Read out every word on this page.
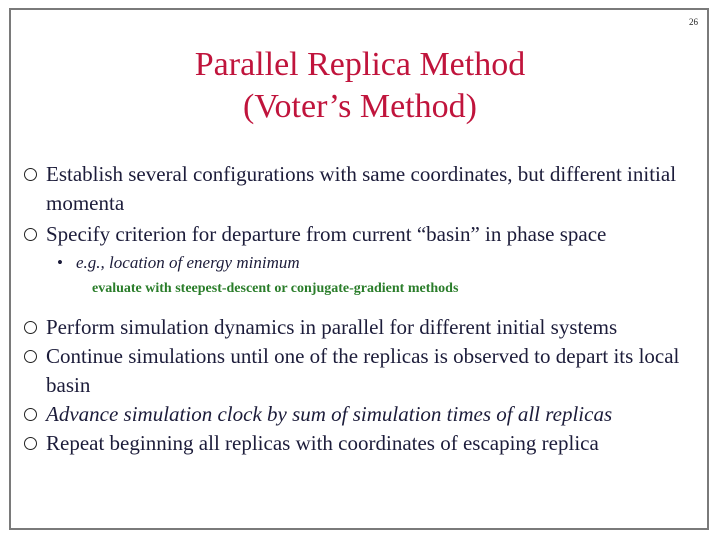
26
Parallel Replica Method
(Voter’s Method)
Establish several configurations with same coordinates, but different initial momenta
Specify criterion for departure from current “basin” in phase space
• e.g., location of energy minimum
evaluate with steepest-descent or conjugate-gradient methods
Perform simulation dynamics in parallel for different initial systems
Continue simulations until one of the replicas is observed to depart its local basin
Advance simulation clock by sum of simulation times of all replicas
Repeat beginning all replicas with coordinates of escaping replica
